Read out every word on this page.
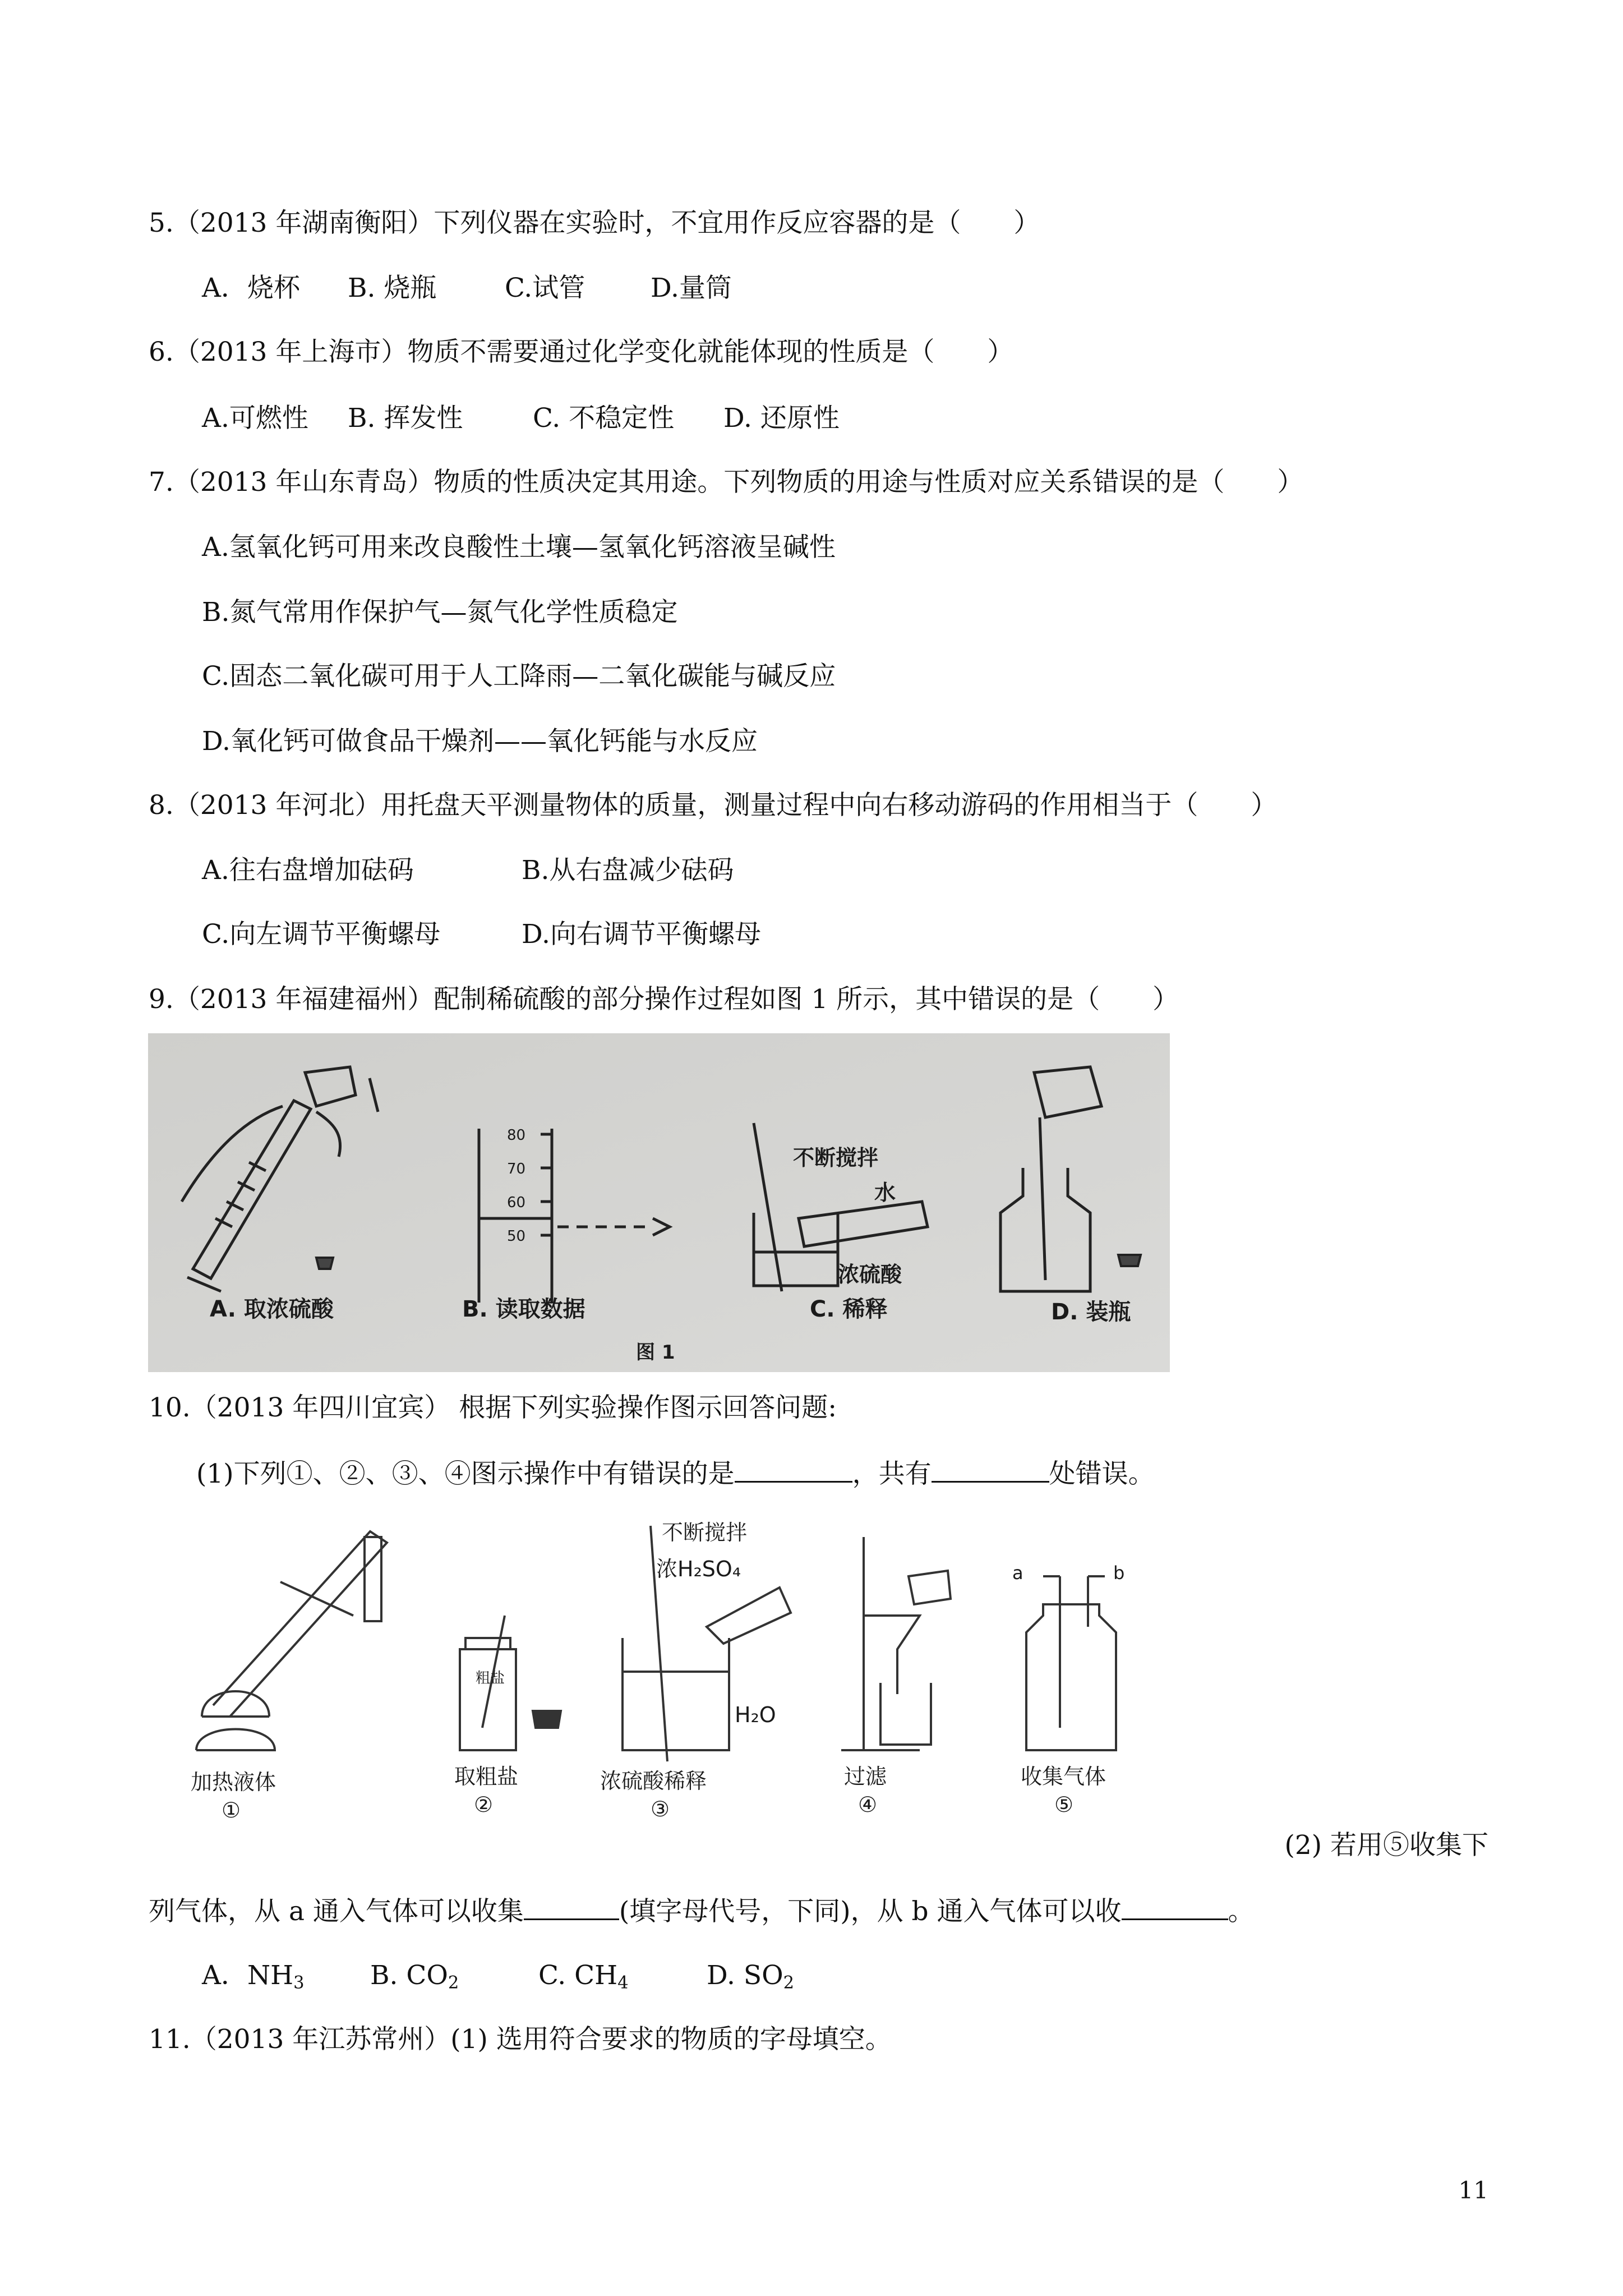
5.（2013 年湖南衡阳）下列仪器在实验时，不宜用作反应容器的是（　　）
A．烧杯 B. 烧瓶	C.试管 D.量筒
6.（2013 年上海市）物质不需要通过化学变化就能体现的性质是（　　）
A.可燃性 B. 挥发性	C. 不稳定性 D. 还原性
7.（2013 年山东青岛）物质的性质决定其用途。下列物质的用途与性质对应关系错误的是（　　）
A.氢氧化钙可用来改良酸性土壤—氢氧化钙溶液呈碱性
B.氮气常用作保护气—氮气化学性质稳定
C.固态二氧化碳可用于人工降雨—二氧化碳能与碱反应
D.氧化钙可做食品干燥剂——氧化钙能与水反应
8.（2013 年河北）用托盘天平测量物体的质量，测量过程中向右移动游码的作用相当于（　　）
A.往右盘增加砝码	B.从右盘减少砝码
C.向左调节平衡螺母	D.向右调节平衡螺母
9.（2013 年福建福州）配制稀硫酸的部分操作过程如图 1 所示，其中错误的是（　　）
A. 取浓硫酸
80
70
60
50
B. 读取数据
不断搅拌
水
浓硫酸
C. 稀释
图 1
D. 装瓶
10.（2013 年四川宜宾） 根据下列实验操作图示回答问题:
(1)下列①、②、③、④图示操作中有错误的是	，共有	处错误。
不断搅拌
浓H₂SO₄
H₂O
粗盐
a	b
加热液体
①
取粗盐
②
浓硫酸稀释
③
过滤
④
收集气体
⑤
(2) 若用⑤收集下
列气体，从 a 通入气体可以收集	(填字母代号，下同)，从 b 通入气体可以收	。
A．$NH_3$	B. $CO_2$	C. $CH_4$	D. $SO_2$
11.（2013 年江苏常州）(1) 选用符合要求的物质的字母填空。
11
